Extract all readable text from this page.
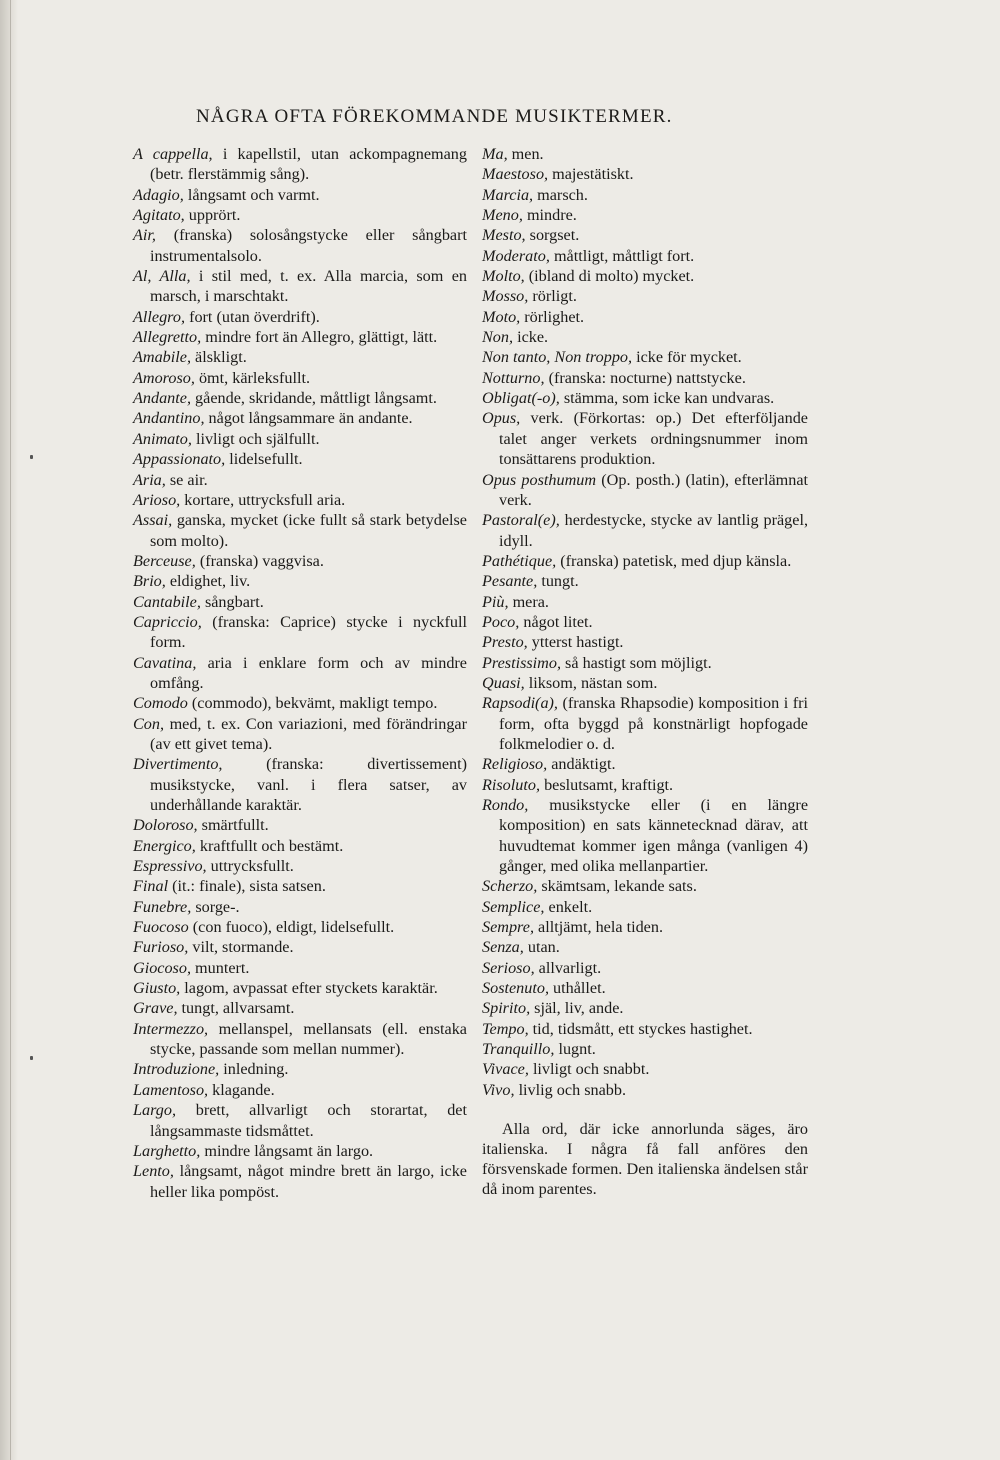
NÅGRA OFTA FÖREKOMMANDE MUSIKTERMER.
A cappella, i kapellstil, utan ackompagnemang (betr. flerstämmig sång).
Adagio, långsamt och varmt.
Agitato, upprört.
Air, (franska) solosångstycke eller sångbart instrumentalsolo.
Al, Alla, i stil med, t. ex. Alla marcia, som en marsch, i marschtakt.
Allegro, fort (utan överdrift).
Allegretto, mindre fort än Allegro, glättigt, lätt.
Amabile, älskligt.
Amoroso, ömt, kärleksfullt.
Andante, gående, skridande, måttligt långsamt.
Andantino, något långsammare än andante.
Animato, livligt och själfullt.
Appassionato, lidelsefullt.
Aria, se air.
Arioso, kortare, uttrycksfull aria.
Assai, ganska, mycket (icke fullt så stark betydelse som molto).
Berceuse, (franska) vaggvisa.
Brio, eldighet, liv.
Cantabile, sångbart.
Capriccio, (franska: Caprice) stycke i nyckfull form.
Cavatina, aria i enklare form och av mindre omfång.
Comodo (commodo), bekvämt, makligt tempo.
Con, med, t. ex. Con variazioni, med förändringar (av ett givet tema).
Divertimento, (franska: divertissement) musikstycke, vanl. i flera satser, av underhållande karaktär.
Doloroso, smärtfullt.
Energico, kraftfullt och bestämt.
Espressivo, uttrycksfullt.
Final (it.: finale), sista satsen.
Funebre, sorge-.
Fuocoso (con fuoco), eldigt, lidelsefullt.
Furioso, vilt, stormande.
Giocoso, muntert.
Giusto, lagom, avpassat efter styckets karaktär.
Grave, tungt, allvarsamt.
Intermezzo, mellanspel, mellansats (ell. enstaka stycke, passande som mellan nummer).
Introduzione, inledning.
Lamentoso, klagande.
Largo, brett, allvarligt och storartat, det långsammaste tidsmåttet.
Larghetto, mindre långsamt än largo.
Lento, långsamt, något mindre brett än largo, icke heller lika pompöst.
Ma, men.
Maestoso, majestätiskt.
Marcia, marsch.
Meno, mindre.
Mesto, sorgset.
Moderato, måttligt, måttligt fort.
Molto, (ibland di molto) mycket.
Mosso, rörligt.
Moto, rörlighet.
Non, icke.
Non tanto, Non troppo, icke för mycket.
Notturno, (franska: nocturne) nattstycke.
Obligat(-o), stämma, som icke kan undvaras.
Opus, verk. (Förkortas: op.) Det efterföljande talet anger verkets ordningsnummer inom tonsättarens produktion.
Opus posthumum (Op. posth.) (latin), efterlämnat verk.
Pastoral(e), herdestycke, stycke av lantlig prägel, idyll.
Pathétique, (franska) patetisk, med djup känsla.
Pesante, tungt.
Più, mera.
Poco, något litet.
Presto, ytterst hastigt.
Prestissimo, så hastigt som möjligt.
Quasi, liksom, nästan som.
Rapsodi(a), (franska Rhapsodie) komposition i fri form, ofta byggd på konstnärligt hopfogade folkmelodier o. d.
Religioso, andäktigt.
Risoluto, beslutsamt, kraftigt.
Rondo, musikstycke eller (i en längre komposition) en sats kännetecknad därav, att huvudtemat kommer igen många (vanligen 4) gånger, med olika mellanpartier.
Scherzo, skämtsam, lekande sats.
Semplice, enkelt.
Sempre, alltjämt, hela tiden.
Senza, utan.
Serioso, allvarligt.
Sostenuto, uthållet.
Spirito, själ, liv, ande.
Tempo, tid, tidsmått, ett styckes hastighet.
Tranquillo, lugnt.
Vivace, livligt och snabbt.
Vivo, livlig och snabb.
Alla ord, där icke annorlunda säges, äro italienska. I några få fall anföres den försvenskade formen. Den italienska ändelsen står då inom parentes.
